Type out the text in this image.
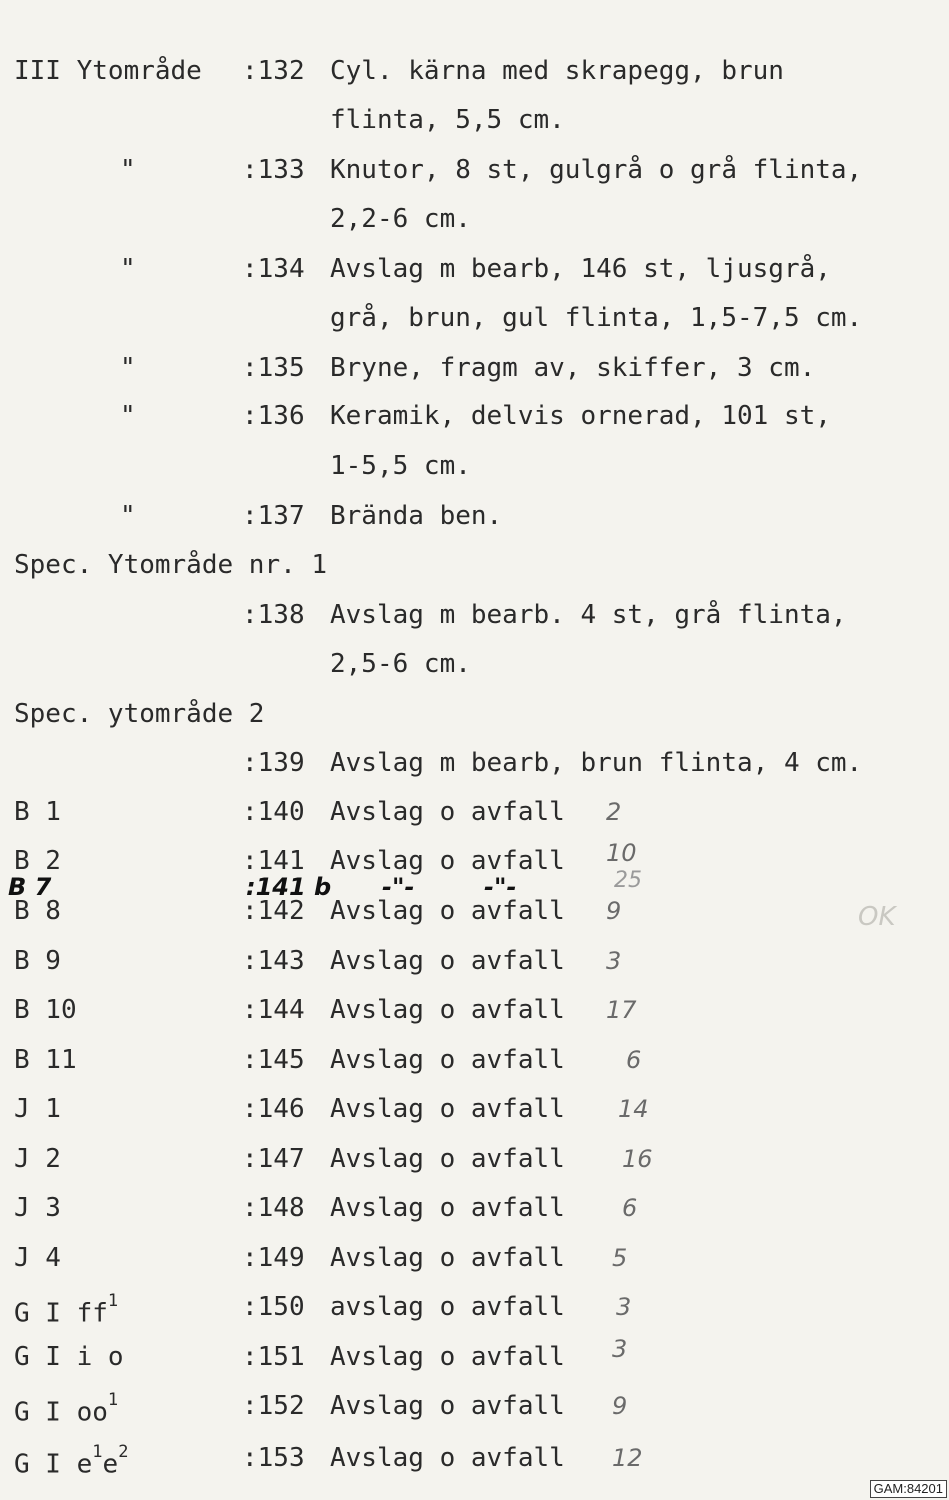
III Ytområde :132 Cyl. kärna med skrapegg, brun
flinta, 5,5 cm.
"	:133 Knutor, 8 st, gulgrå o grå flinta,
2,2-6 cm.
"	:134 Avslag m bearb, 146 st, ljusgrå,
grå, brun, gul flinta, 1,5-7,5 cm.
"	:135 Bryne, fragm av, skiffer, 3 cm.
"	:136 Keramik, delvis ornerad, 101 st,
1-5,5 cm.
"	:137 Brända ben.
Spec. Ytområde nr. 1
:138 Avslag m bearb. 4 st, grå flinta,
2,5-6 cm.
Spec. ytområde 2
:139 Avslag m bearb, brun flinta, 4 cm.
B 1	:140 Avslag o avfall 2
B 2	:141 Avslag o avfall 10
B 7	:141 b -"-	-"-	25
OK
B 8	:142 Avslag o avfall 9
B 9	:143 Avslag o avfall 3
B 10	:144 Avslag o avfall 17
B 11	:145 Avslag o avfall	6
J 1	:146 Avslag o avfall 14
J 2	:147 Avslag o avfall 16
J 3	:148 Avslag o avfall 6
J 4	:149 Avslag o avfall 5
G I $ff^1$	:150 avslag o avfall 3
G I i o	:151 Avslag o avfall 3
G I $oo^1$	:152 Avslag o avfall 9
G I $e^1e^2$	:153 Avslag o avfall 12
GAM:84201
